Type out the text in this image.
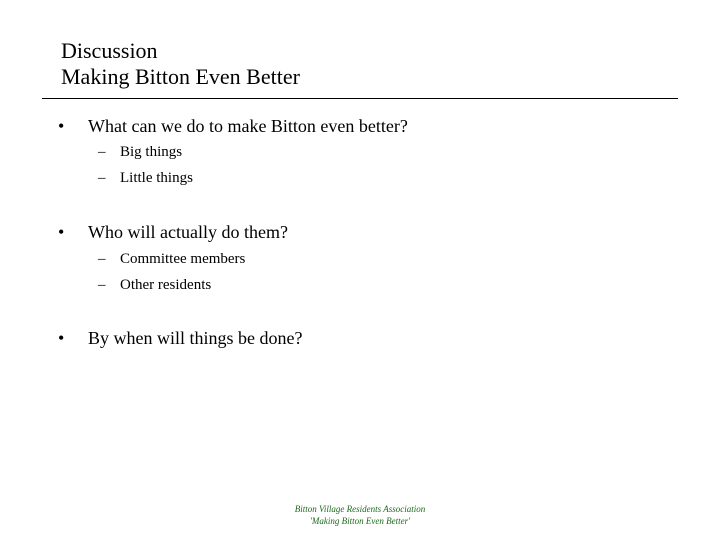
Discussion
Making Bitton Even Better
• What can we do to make Bitton even better?
– Big things
– Little things
• Who will actually do them?
– Committee members
– Other residents
• By when will things be done?
Bitton Village Residents Association
'Making Bitton Even Better'
